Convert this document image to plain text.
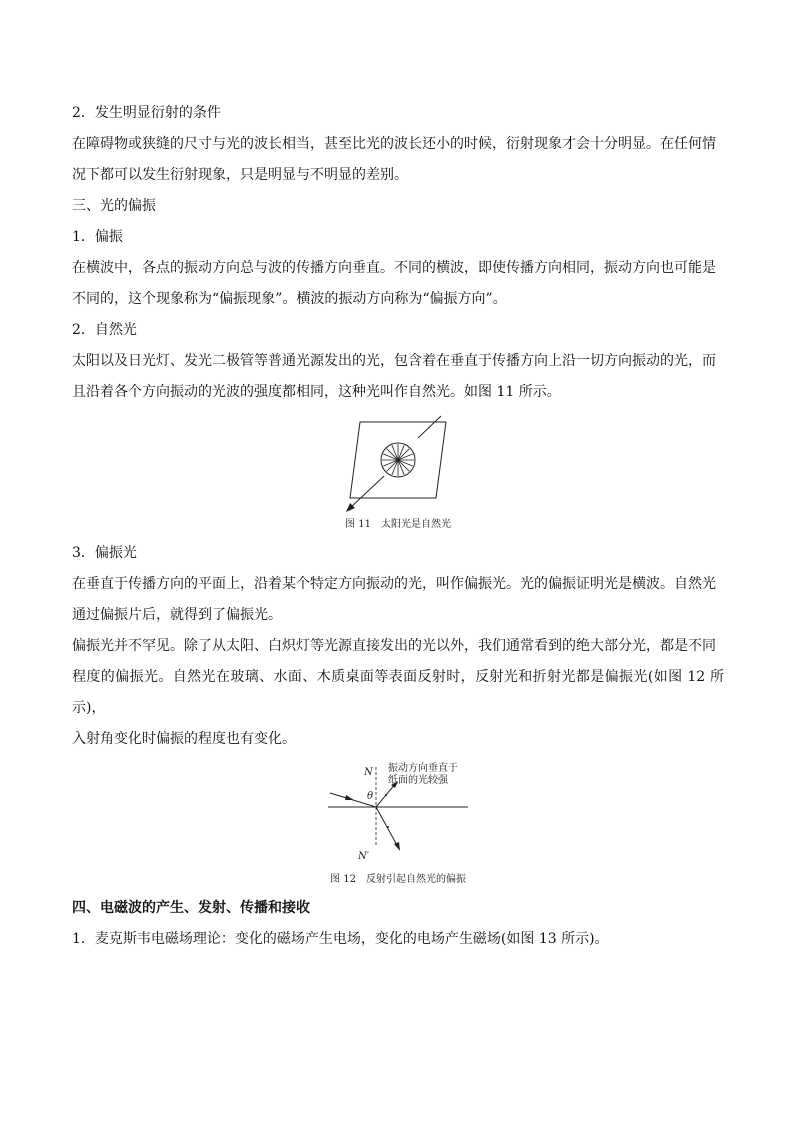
2．发生明显衍射的条件

在障碍物或狭缝的尺寸与光的波长相当，甚至比光的波长还小的时候，衍射现象才会十分明显。在任何情

况下都可以发生衍射现象，只是明显与不明显的差别。

三、光的偏振

1．偏振

在横波中，各点的振动方向总与波的传播方向垂直。不同的横波，即使传播方向相同，振动方向也可能是

不同的，这个现象称为“偏振现象”。横波的振动方向称为“偏振方向”。

2．自然光

太阳以及日光灯、发光二极管等普通光源发出的光，包含着在垂直于传播方向上沿一切方向振动的光，而

且沿着各个方向振动的光波的强度都相同，这种光叫作自然光。如图 11 所示。

图 11　太阳光是自然光

3．偏振光

在垂直于传播方向的平面上，沿着某个特定方向振动的光，叫作偏振光。光的偏振证明光是横波。自然光

通过偏振片后，就得到了偏振光。

偏振光并不罕见。除了从太阳、白炽灯等光源直接发出的光以外，我们通常看到的绝大部分光，都是不同

程度的偏振光。自然光在玻璃、水面、木质桌面等表面反射时，反射光和折射光都是偏振光(如图 12 所示)，

入射角变化时偏振的程度也有变化。

N
N′
θ
振动方向垂直于
纸面的光较强
图 12　反射引起自然光的偏振

四、电磁波的产生、发射、传播和接收

1．麦克斯韦电磁场理论：变化的磁场产生电场，变化的电场产生磁场(如图 13 所示)。
